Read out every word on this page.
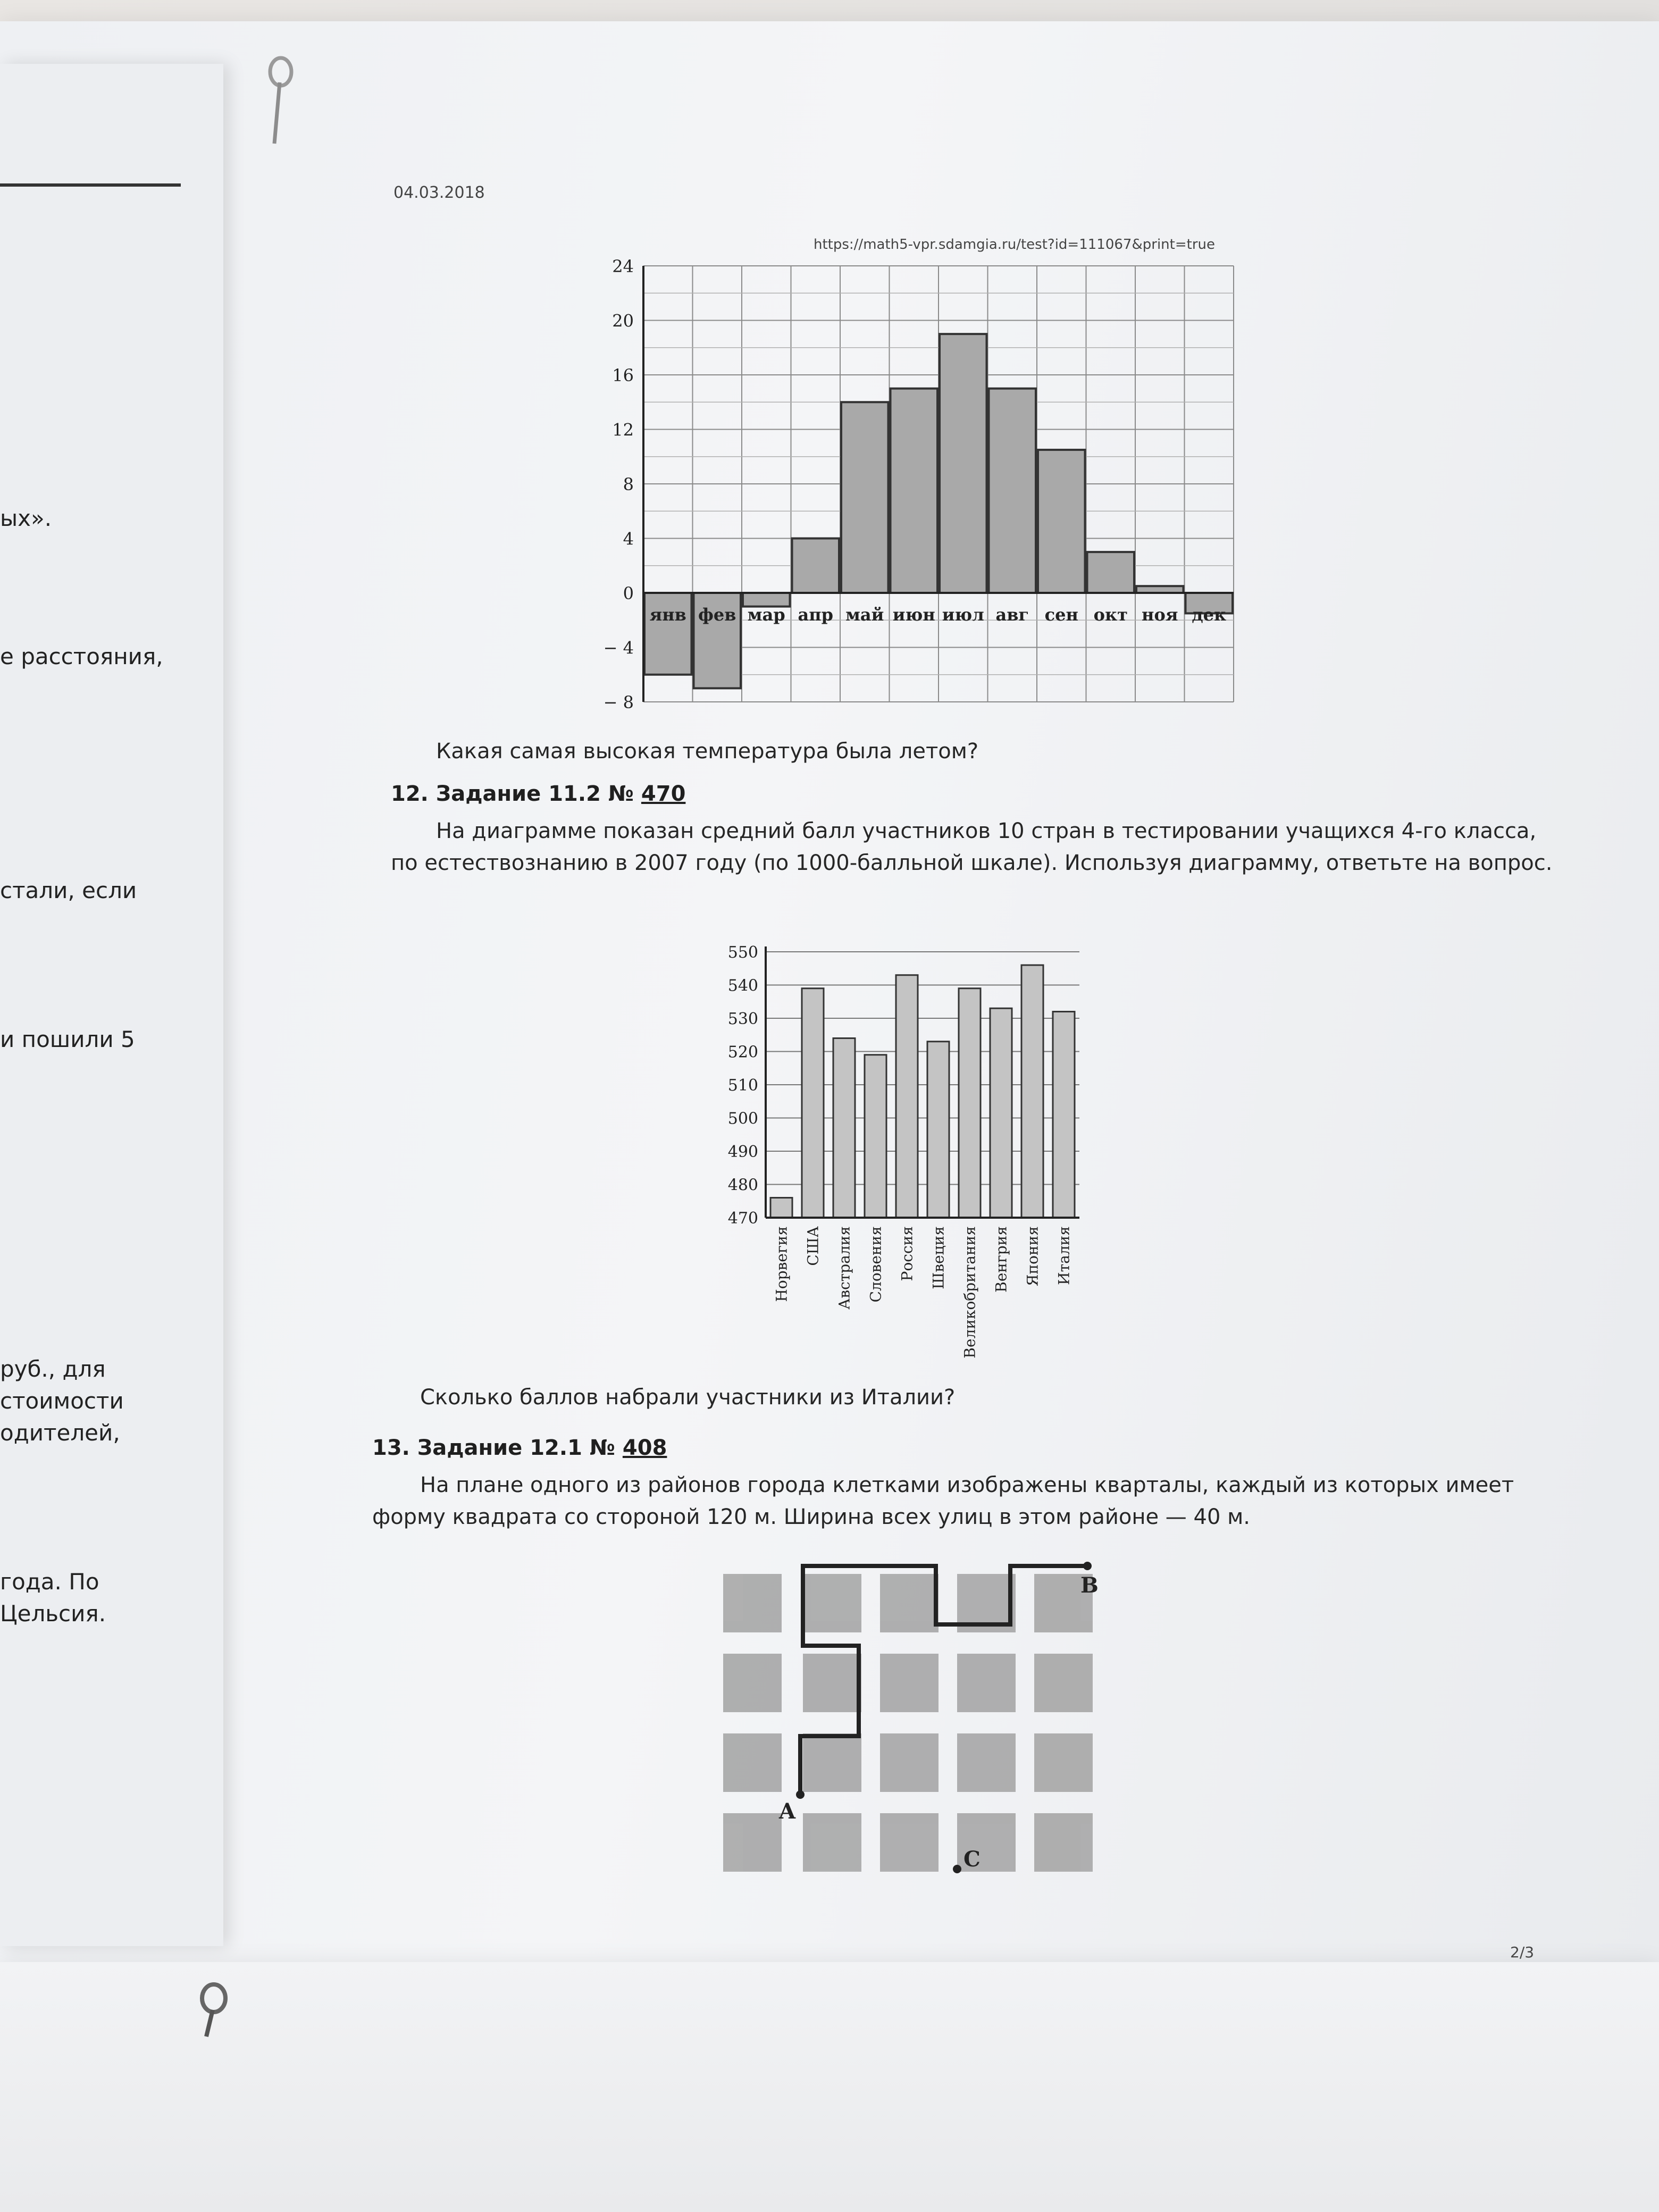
ых».
е расстояния,
стали, если
и пошили 5
руб., для
стоимости
одителей,
года. По
Цельсия.
04.03.2018
https://math5-vpr.sdamgia.ru/test?id=111067&print=true
− 8
− 4
0
4
8
12
16
20
24
янв фев мар апр май июн июл авг сен окт ноя дек
Какая самая высокая температура была летом?
12. Задание 11.2 № 470
На диаграмме показан средний балл участников 10 стран в тестировании учащихся 4-го класса,
по естествознанию в 2007 году (по 1000-балльной шкале). Используя диаграмму, ответьте на вопрос.
470
480
490
500
510
520
530
540
550
Норвегия США Австралия Словения Россия Швеция Великобритания Венгрия Япония Италия
Сколько баллов набрали участники из Италии?
13. Задание 12.1 № 408
На плане одного из районов города клетками изображены кварталы, каждый из которых имеет
форму квадрата со стороной 120 м. Ширина всех улиц в этом районе — 40 м.
A
B
C
2/3
